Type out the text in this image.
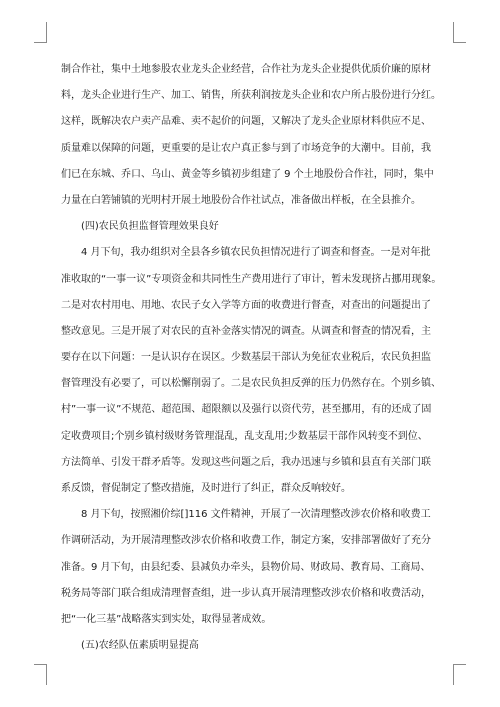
制合作社，集中土地参股农业龙头企业经营，合作社为龙头企业提供优质价廉的原材
料，龙头企业进行生产、加工、销售，所获利润按龙头企业和农户所占股份进行分红。
这样，既解决农户卖产品难、卖不起价的问题，又解决了龙头企业原材料供应不足、
质量难以保障的问题，更重要的是让农户真正参与到了市场竞争的大潮中。目前，我
们已在东城、乔口、乌山、黄金等乡镇初步组建了 9 个土地股份合作社，同时，集中
力量在白箬铺镇的光明村开展土地股份合作社试点，准备做出样板，在全县推介。
(四)农民负担监督管理效果良好
4 月下旬，我办组织对全县各乡镇农民负担情况进行了调查和督查。一是对年批
准收取的“一事一议”专项资金和共同性生产费用进行了审计，暂未发现挤占挪用现象。
二是对农村用电、用地、农民子女入学等方面的收费进行督查，对查出的问题提出了
整改意见。三是开展了对农民的直补金落实情况的调查。从调查和督查的情况看，主
要存在以下问题：一是认识存在误区。少数基层干部认为免征农业税后，农民负担监
督管理没有必要了，可以松懈削弱了。二是农民负担反弹的压力仍然存在。个别乡镇、
村”一事一议”不规范、超范围、超限额以及强行以资代劳，甚至挪用，有的还成了固
定收费项目;个别乡镇村级财务管理混乱，乱支乱用;少数基层干部作风转变不到位、
方法简单、引发干群矛盾等。发现这些问题之后，我办迅速与乡镇和县直有关部门联
系反馈，督促制定了整改措施，及时进行了纠正，群众反响较好。
8 月下旬，按照湘价综[]116 文件精神，开展了一次清理整改涉农价格和收费工
作调研活动，为开展清理整改涉农价格和收费工作，制定方案，安排部署做好了充分
准备。9 月下旬，由县纪委、县减负办牵头，县物价局、财政局、教育局、工商局、
税务局等部门联合组成清理督查组，进一步认真开展清理整改涉农价格和收费活动，
把“一化三基”战略落实到实处，取得显著成效。
(五)农经队伍素质明显提高
